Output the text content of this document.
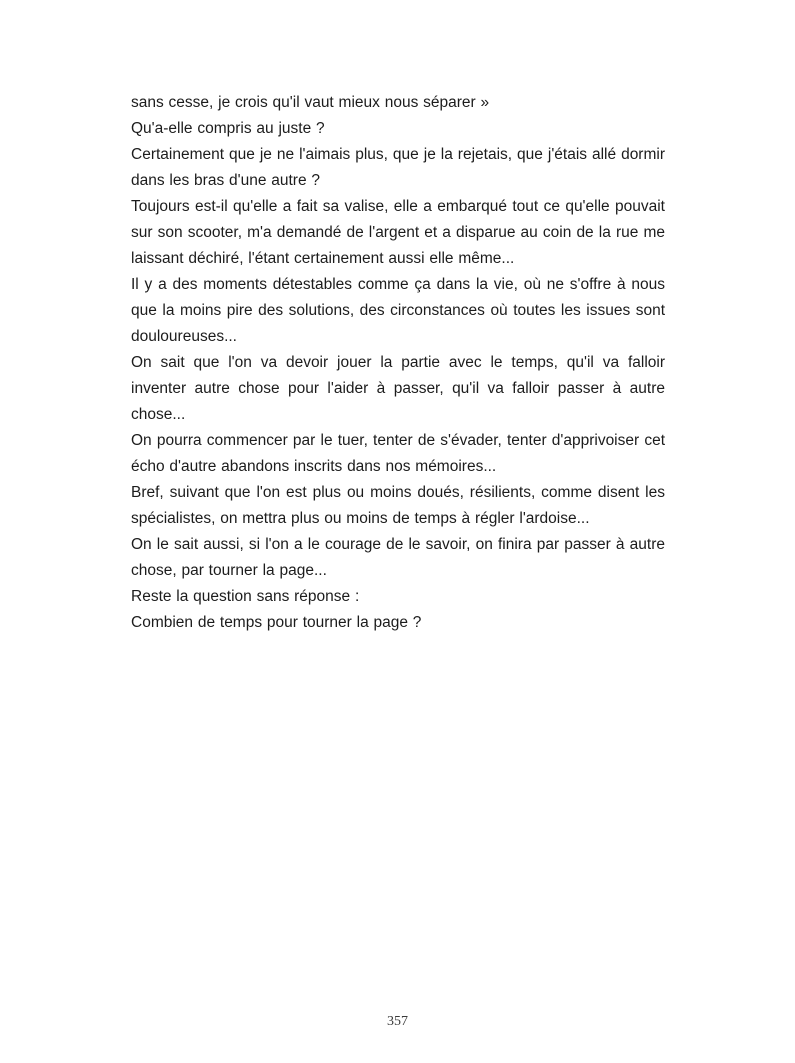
sans cesse, je crois qu'il vaut mieux nous séparer »

Qu'a-elle compris au juste ?

Certainement que je ne l'aimais plus, que je la rejetais, que j'étais allé dormir dans les bras d'une autre ?

Toujours est-il qu'elle a fait sa valise, elle a embarqué tout ce qu'elle pouvait sur son scooter, m'a demandé de l'argent et a disparue au coin de la rue me laissant déchiré, l'étant certainement aussi elle même...

Il y a des moments détestables comme ça dans la vie, où ne s'offre à nous que la moins pire des solutions, des circonstances où toutes les issues sont douloureuses...

On sait que l'on va devoir jouer la partie avec le temps, qu'il va falloir inventer autre chose pour l'aider à passer, qu'il va falloir passer à autre chose...

On pourra commencer par le tuer, tenter de s'évader, tenter d'apprivoiser cet écho d'autre abandons inscrits dans nos mémoires...

Bref, suivant que l'on est plus ou moins doués, résilients, comme disent les spécialistes, on mettra plus ou moins de temps à régler l'ardoise...

On le sait aussi, si l'on a le courage de le savoir, on finira par passer à autre chose, par tourner la page...

Reste la question sans réponse :

Combien de temps pour tourner la page ?

357
